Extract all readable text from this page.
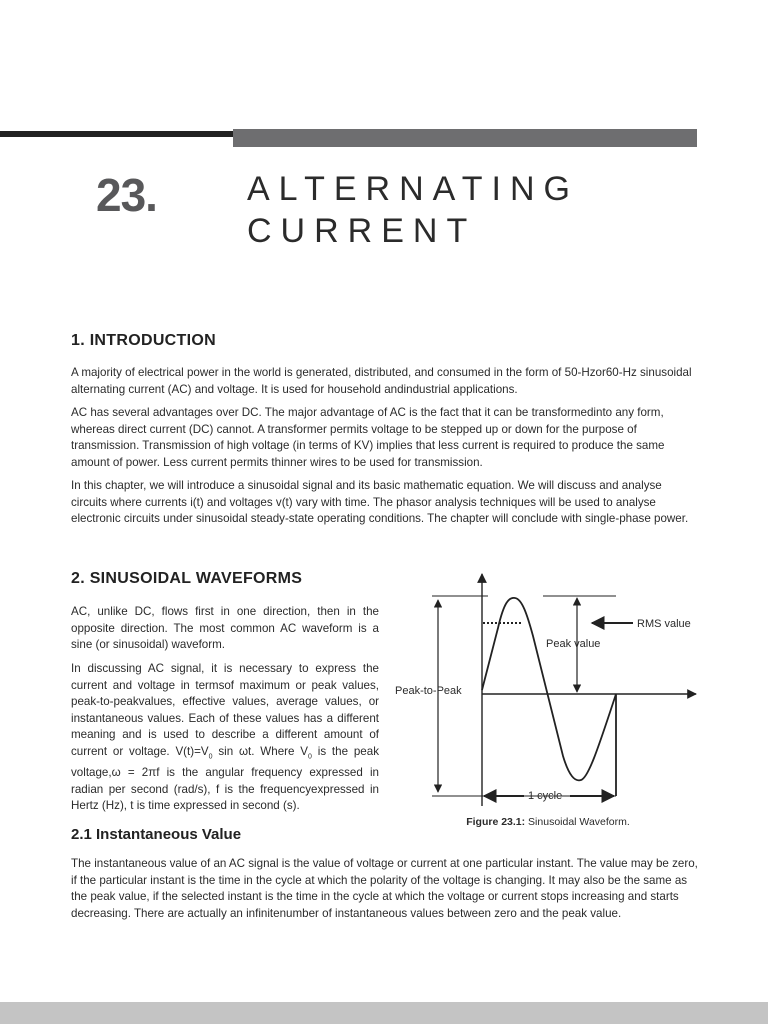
23.	ALTERNATING
CURRENT
1. INTRODUCTION

A majority of electrical power in the world is generated, distributed, and consumed in the form of 50-Hzor60-Hz sinusoidal alternating current (AC) and voltage. It is used for household andindustrial applications.

AC has several advantages over DC. The major advantage of AC is the fact that it can be transformedinto any form, whereas direct current (DC) cannot. A transformer permits voltage to be stepped up or down for the purpose of transmission. Transmission of high voltage (in terms of KV) implies that less current is required to produce the same amount of power. Less current permits thinner wires to be used for transmission.

In this chapter, we will introduce a sinusoidal signal and its basic mathematic equation. We will discuss and analyse circuits where currents i(t) and voltages v(t) vary with time. The phasor analysis techniques will be used to analyse electronic circuits under sinusoidal steady-state operating conditions. The chapter will conclude with single-phase power.

2. SINUSOIDAL WAVEFORMS

AC, unlike DC, flows first in one direction, then in the opposite direction. The most common AC waveform is a sine (or sinusoidal) waveform.

In discussing AC signal, it is necessary to express the current and voltage in termsof maximum or peak values, peak-to-peakvalues, effective values, average values, or instantaneous values. Each of these values has a different meaning and is used to describe a different amount of current or voltage. $V(t)=V_0$ sin ωt. Where $V_0$ is the peak voltage,ω = 2πf is the angular frequency expressed in radian per second (rad/s), f is the frequencyexpressed in Hertz (Hz), t is time expressed in second (s).

RMS value
Peak value
Peak-to-Peak
1 cycle
Figure 23.1: Sinusoidal Waveform.
2.1 Instantaneous Value

The instantaneous value of an AC signal is the value of voltage or current at one particular instant. The value may be zero, if the particular instant is the time in the cycle at which the polarity of the voltage is changing. It may also be the same as the peak value, if the selected instant is the time in the cycle at which the voltage or current stops increasing and starts decreasing. There are actually an infinitenumber of instantaneous values between zero and the peak value.
